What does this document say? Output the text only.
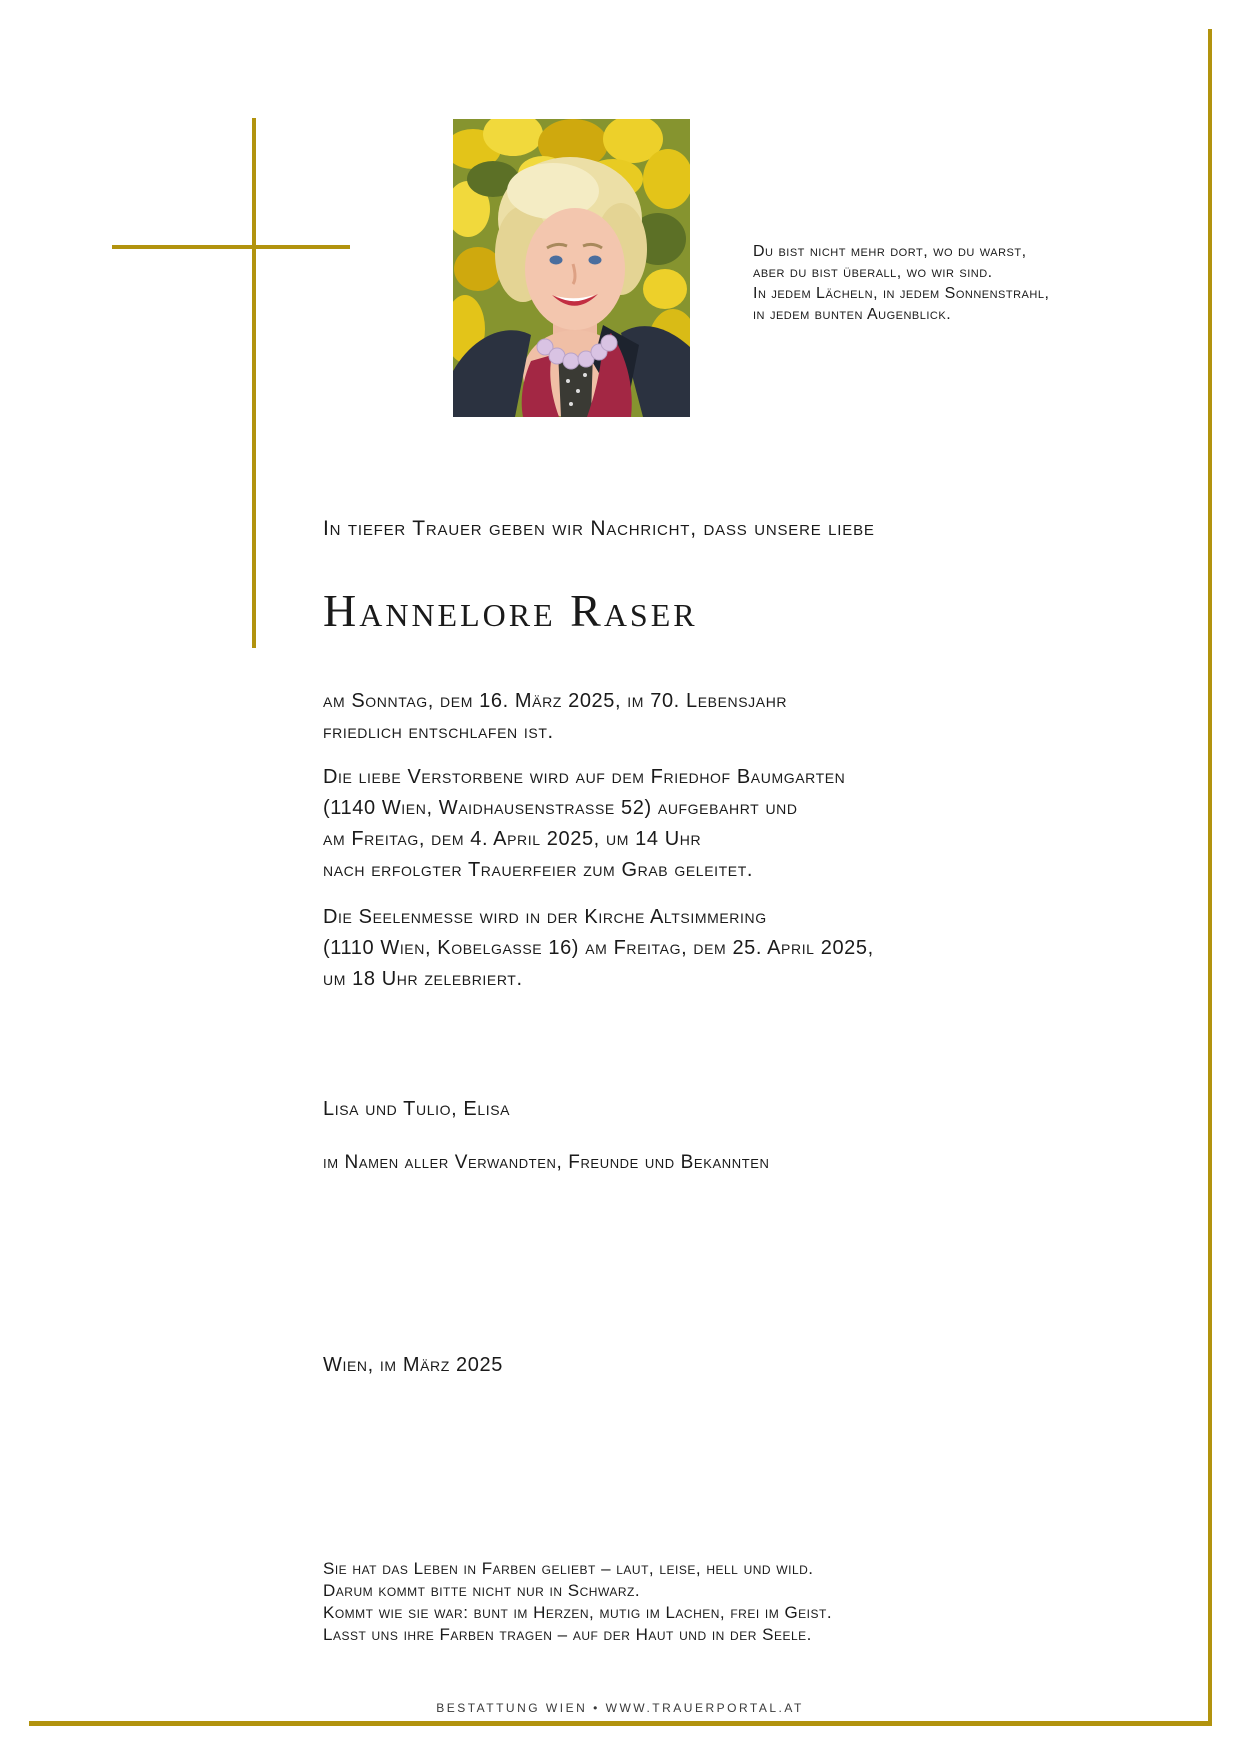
Du bist nicht mehr dort, wo du warst,
aber du bist überall, wo wir sind.
In jedem Lächeln, in jedem Sonnenstrahl,
in jedem bunten Augenblick.
In tiefer Trauer geben wir Nachricht, dass unsere liebe
Hannelore Raser
am Sonntag, dem 16. März 2025, im 70. Lebensjahr
friedlich entschlafen ist.
Die liebe Verstorbene wird auf dem Friedhof Baumgarten
(1140 Wien, Waidhausenstrasse 52) aufgebahrt und
am Freitag, dem 4. April 2025, um 14 Uhr
nach erfolgter Trauerfeier zum Grab geleitet.
Die Seelenmesse wird in der Kirche Altsimmering
(1110 Wien, Kobelgasse 16) am Freitag, dem 25. April 2025,
um 18 Uhr zelebriert.
Lisa und Tulio, Elisa
im Namen aller Verwandten, Freunde und Bekannten
Wien, im März 2025
Sie hat das Leben in Farben geliebt – laut, leise, hell und wild.
Darum kommt bitte nicht nur in Schwarz.
Kommt wie sie war: bunt im Herzen, mutig im Lachen, frei im Geist.
Lasst uns ihre Farben tragen – auf der Haut und in der Seele.
BESTATTUNG WIEN • WWW.TRAUERPORTAL.AT
